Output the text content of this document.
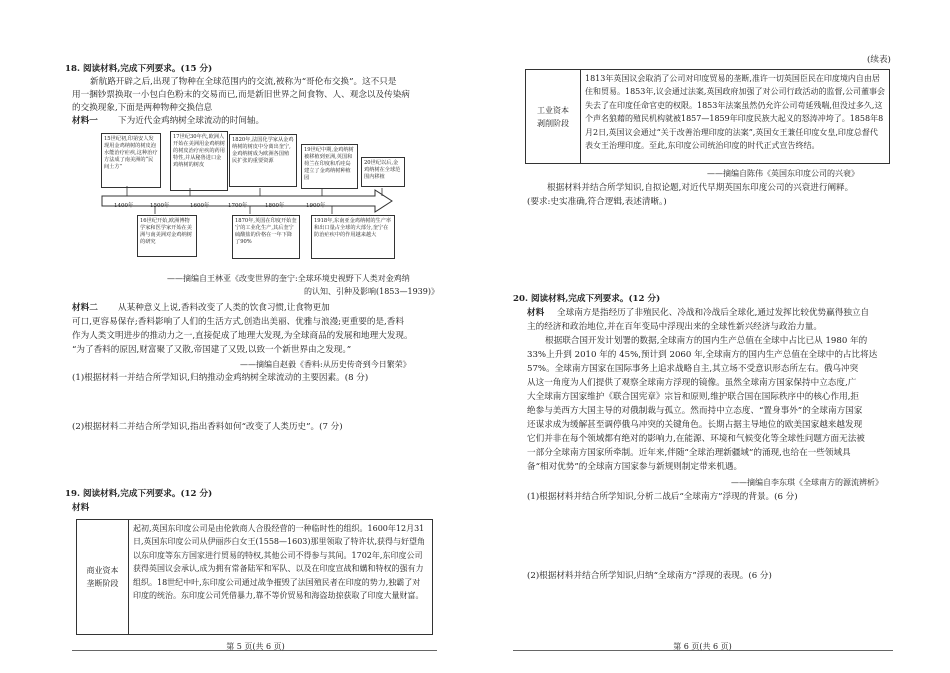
18. 阅读材料,完成下列要求。(15 分)
新航路开辟之后,出现了物种在全球范围内的交流,被称为“哥伦布交换”。这不只是
用一捆钞票换取一小包白色粉末的交易而已,而是新旧世界之间食物、人、观念以及传染病
的交换现象,下面是两种物种交换信息
材料一 下为近代金鸡纳树全球流动的时间轴。
15世纪初,印第安人发现用金鸡纳树的树皮泡水能治疗疟疾,这种治疗方法成了南美洲的“民间土方”
17世纪30年代,欧洲人开始在美洲用金鸡纳树的树皮治疗疟疾的药用特性,并从秘鲁进口金鸡纳树的树皮
1820年,法国化学家从金鸡纳树的树皮中分离出奎宁,金鸡纳树成为欧洲各国殖民扩张的重要资源
19世纪中期,金鸡纳树被移植到亚洲,英国和荷兰在印度和爪哇岛建立了金鸡纳树种植园
20世纪以后,金鸡纳树在全球范围内移植
1400年	1500年	1600年	1700年	1800年	1900年
16世纪开始,欧洲博物学家和医学家开始在美洲与南美洲对金鸡纳树的研究
1870年,英国在印度开始奎宁的工业化生产,其后奎宁硫酸盐的价格在一年下降了90%
1918年,东南亚金鸡纳树的生产率和出口量占全球的大部分,奎宁在防治疟疾中的作用越来越大
——摘编自王林亚《改变世界的奎宁:全球环境史视野下人类对金鸡纳
的认知、引种及影响(1853—1939)》
材料二 从某种意义上说,香料改变了人类的饮食习惯,让食物更加
可口,更容易保存;香料影响了人们的生活方式,创造出美丽、优雅与浪漫;更重要的是,香料
作为人类文明进步的推动力之一,直接促成了地理大发现,为全球商品的发展和地理大发现。
“为了香料的原因,财富聚了又散,帝国建了又毁,以致一个新世界由之发现。”
——摘编自赵毅《香料:从历史传奇到今日繁荣》
(1)根据材料一并结合所学知识,归纳推动金鸡纳树全球流动的主要因素。(8 分)
(2)根据材料二并结合所学知识,指出香料如何“改变了人类历史”。(7 分)
19. 阅读材料,完成下列要求。(12 分)
材料
商业资本垄断阶段
起初,英国东印度公司是由伦敦商人合股经营的一种临时性的组织。1600年12月31日,英国东印度公司从伊丽莎白女王(1558—1603)那里领取了特许状,获得与好望角以东印度等东方国家进行贸易的特权,其他公司不得参与其间。1702年,东印度公司获得英国议会承认,成为拥有常备陆军和军队、以及在印度宣战和媾和特权的强有力组织。18世纪中叶,东印度公司通过战争摧毁了法国殖民者在印度的势力,独霸了对印度的统治。东印度公司凭借暴力,靠不等价贸易和海盗劫掠获取了印度大量财富。
第 5 页(共 6 页)
(续表)
工业资本剥削阶段
1813年英国议会取消了公司对印度贸易的垄断,准许一切英国臣民在印度境内自由居住和贸易。1853年,议会通过法案,英国政府加强了对公司行政活动的监督,公司董事会失去了在印度任命官吏的权限。1853年法案虽然仍允许公司苟延残喘,但没过多久,这个声名狼藉的殖民机构就被1857—1859年印度民族大起义的怒涛冲垮了。1858年8月2日,英国议会通过“关于改善治理印度的法案”,英国女王兼任印度女皇,印度总督代表女王治理印度。至此,东印度公司统治印度的时代正式宣告终结。
——摘编自陈伟《英国东印度公司的兴衰》
根据材料并结合所学知识,自拟论题,对近代早期英国东印度公司的兴衰进行阐释。
(要求:史实准确,符合逻辑,表述清晰。)
20. 阅读材料,完成下列要求。(12 分)
材料 全球南方是指经历了非殖民化、冷战和冷战后全球化,通过发挥比较优势赢得独立自
主的经济和政治地位,并在百年变局中浮现出来的全球性新兴经济与政治力量。
根据联合国开发计划署的数据,全球南方的国内生产总值在全球中占比已从 1980 年的
33%上升到 2010 年的 45%,预计到 2060 年,全球南方的国内生产总值在全球中的占比将达
57%。全球南方国家在国际事务上追求战略自主,其立场不受意识形态所左右。俄乌冲突
从这一角度为人们提供了观察全球南方浮现的镜像。虽然全球南方国家保持中立态度,广
大全球南方国家维护《联合国宪章》宗旨和原则,维护联合国在国际秩序中的核心作用,拒
绝参与美西方大国主导的对俄制裁与孤立。然而持中立态度、“置身事外”的全球南方国家
还谋求成为缓解甚至调停俄乌冲突的关键角色。长期占据主导地位的欧美国家越来越发现
它们并非在每个领域都有绝对的影响力,在能源、环境和气候变化等全球性问题方面无法被
一部分全球南方国家所牵制。近年来,伴随“全球治理新疆域”的涌现,也给在一些领域具
备“相对优势”的全球南方国家参与新规则制定带来机遇。
——摘编自李东琪《全球南方的源流辨析》
(1)根据材料并结合所学知识,分析二战后“全球南方”浮现的背景。(6 分)
(2)根据材料并结合所学知识,归纳“全球南方”浮现的表现。(6 分)
第 6 页(共 6 页)
